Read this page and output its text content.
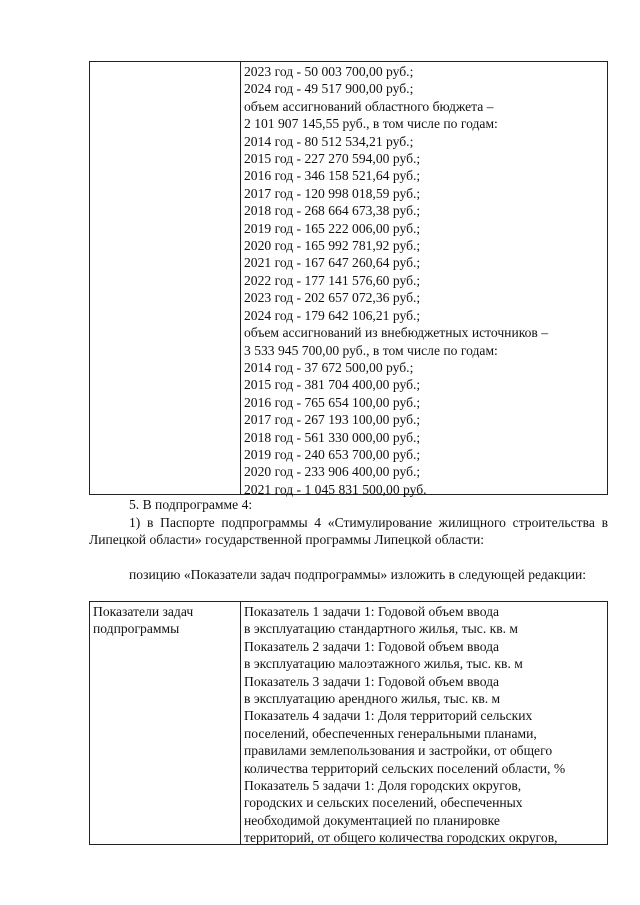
2023 год - 50 003 700,00 руб.;
2024 год - 49 517 900,00 руб.;
объем ассигнований областного бюджета –
2 101 907 145,55 руб., в том числе по годам:
2014 год - 80 512 534,21 руб.;
2015 год - 227 270 594,00 руб.;
2016 год - 346 158 521,64 руб.;
2017 год - 120 998 018,59 руб.;
2018 год - 268 664 673,38 руб.;
2019 год - 165 222 006,00 руб.;
2020 год - 165 992 781,92 руб.;
2021 год - 167 647 260,64 руб.;
2022 год - 177 141 576,60 руб.;
2023 год - 202 657 072,36 руб.;
2024 год - 179 642 106,21 руб.;
объем ассигнований из внебюджетных источников –
3 533 945 700,00 руб., в том числе по годам:
2014 год - 37 672 500,00 руб.;
2015 год - 381 704 400,00 руб.;
2016 год - 765 654 100,00 руб.;
2017 год - 267 193 100,00 руб.;
2018 год - 561 330 000,00 руб.;
2019 год - 240 653 700,00 руб.;
2020 год - 233 906 400,00 руб.;
2021 год - 1 045 831 500,00 руб.
5. В подпрограмме 4:
1) в Паспорте подпрограммы 4 «Стимулирование жилищного строительства в Липецкой области» государственной программы Липецкой области:
позицию «Показатели задач подпрограммы» изложить в следующей редакции:
Показатели задач
подпрограммы
Показатель 1 задачи 1: Годовой объем ввода
в эксплуатацию стандартного жилья, тыс. кв. м
Показатель 2 задачи 1: Годовой объем ввода
в эксплуатацию малоэтажного жилья, тыс. кв. м
Показатель 3 задачи 1: Годовой объем ввода
в эксплуатацию арендного жилья, тыс. кв. м
Показатель 4 задачи 1: Доля территорий сельских
поселений, обеспеченных генеральными планами,
правилами землепользования и застройки, от общего
количества территорий сельских поселений области, %
Показатель 5 задачи 1: Доля городских округов,
городских и сельских поселений, обеспеченных
необходимой документацией по планировке
территорий, от общего количества городских округов,
